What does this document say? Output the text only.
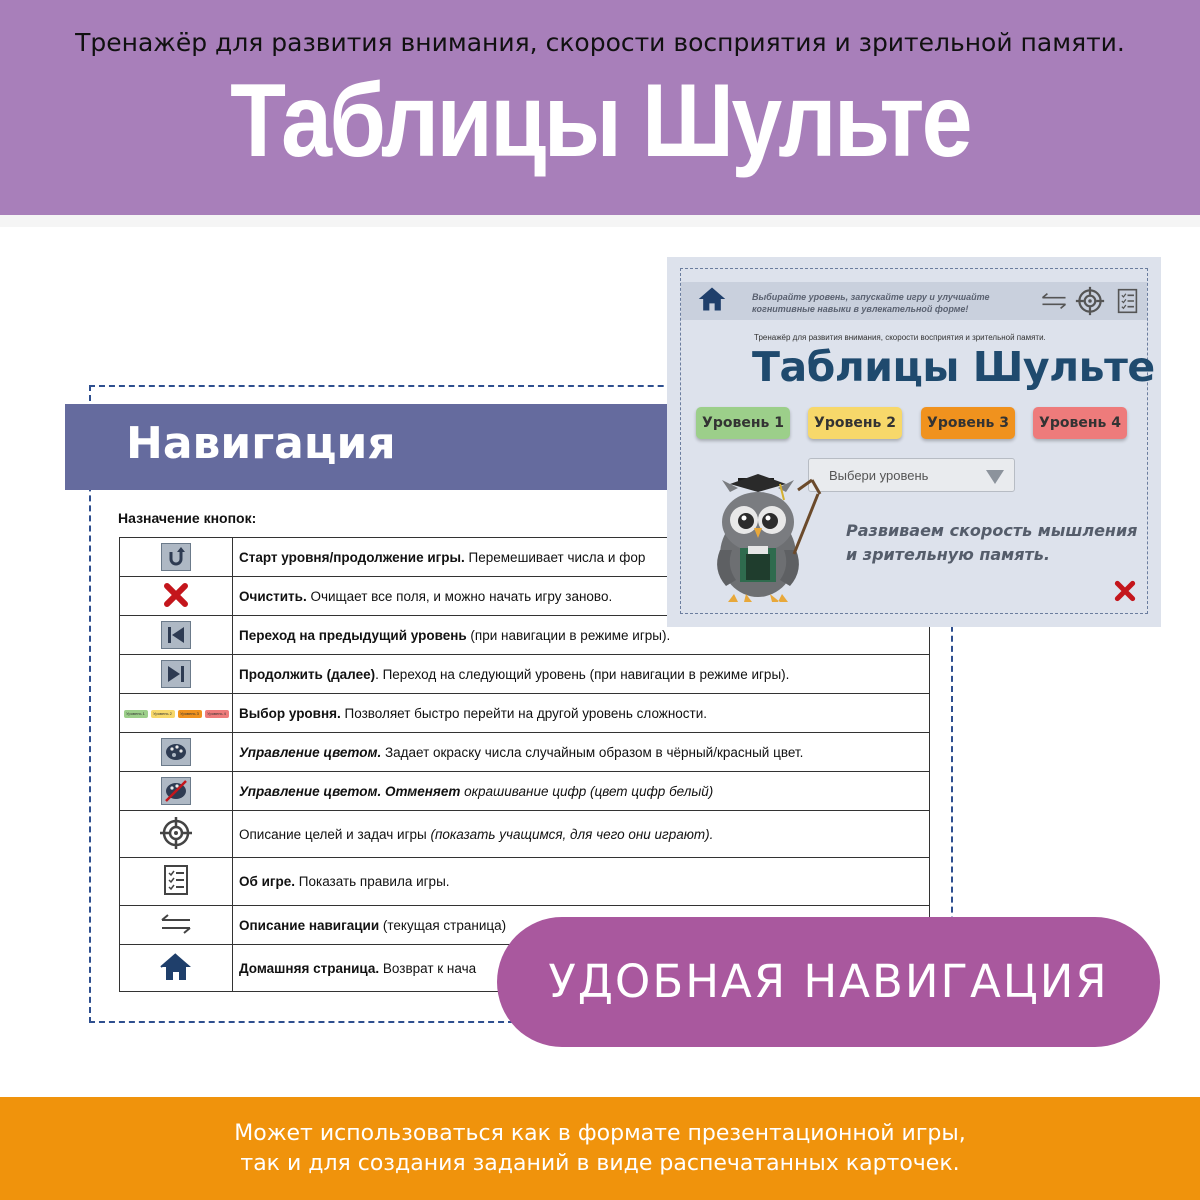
Тренажёр для развития внимания, скорости восприятия и зрительной памяти.
Таблицы Шульте
Навигация
Назначение кнопок:
	Старт уровня/продолжение игры. Перемешивает числа и фор
	Очистить. Очищает все поля, и можно начать игру заново.
	Переход на предыдущий уровень (при навигации в режиме игры).
	Продолжить (далее). Переход на следующий уровень (при навигации в режиме игры).

Уровень 1 Уровень 2 Уровень 3 Уровень 4	Выбор уровня. Позволяет быстро перейти на другой уровень сложности.
	Управление цветом. Задает окраску числа случайным образом в чёрный/красный цвет.
	Управление цветом. Отменяет окрашивание цифр (цвет цифр белый)
	Описание целей и задач игры (показать учащимся, для чего они играют).
	Об игре. Показать правила игры.
	Описание навигации (текущая страница)
	Домашняя страница. Возврат к нача
Выбирайте уровень, запускайте игру и улучшайте когнитивные навыки в увлекательной форме!
Тренажёр для развития внимания, скорости восприятия и зрительной памяти.
Таблицы Шульте
Уровень 1	Уровень 2	Уровень 3	Уровень 4
Выбери уровень
Развиваем скорость мышления
и зрительную память.
УДОБНАЯ НАВИГАЦИЯ
Может использоваться как в формате презентационной игры,
так и для создания заданий в виде распечатанных карточек.
